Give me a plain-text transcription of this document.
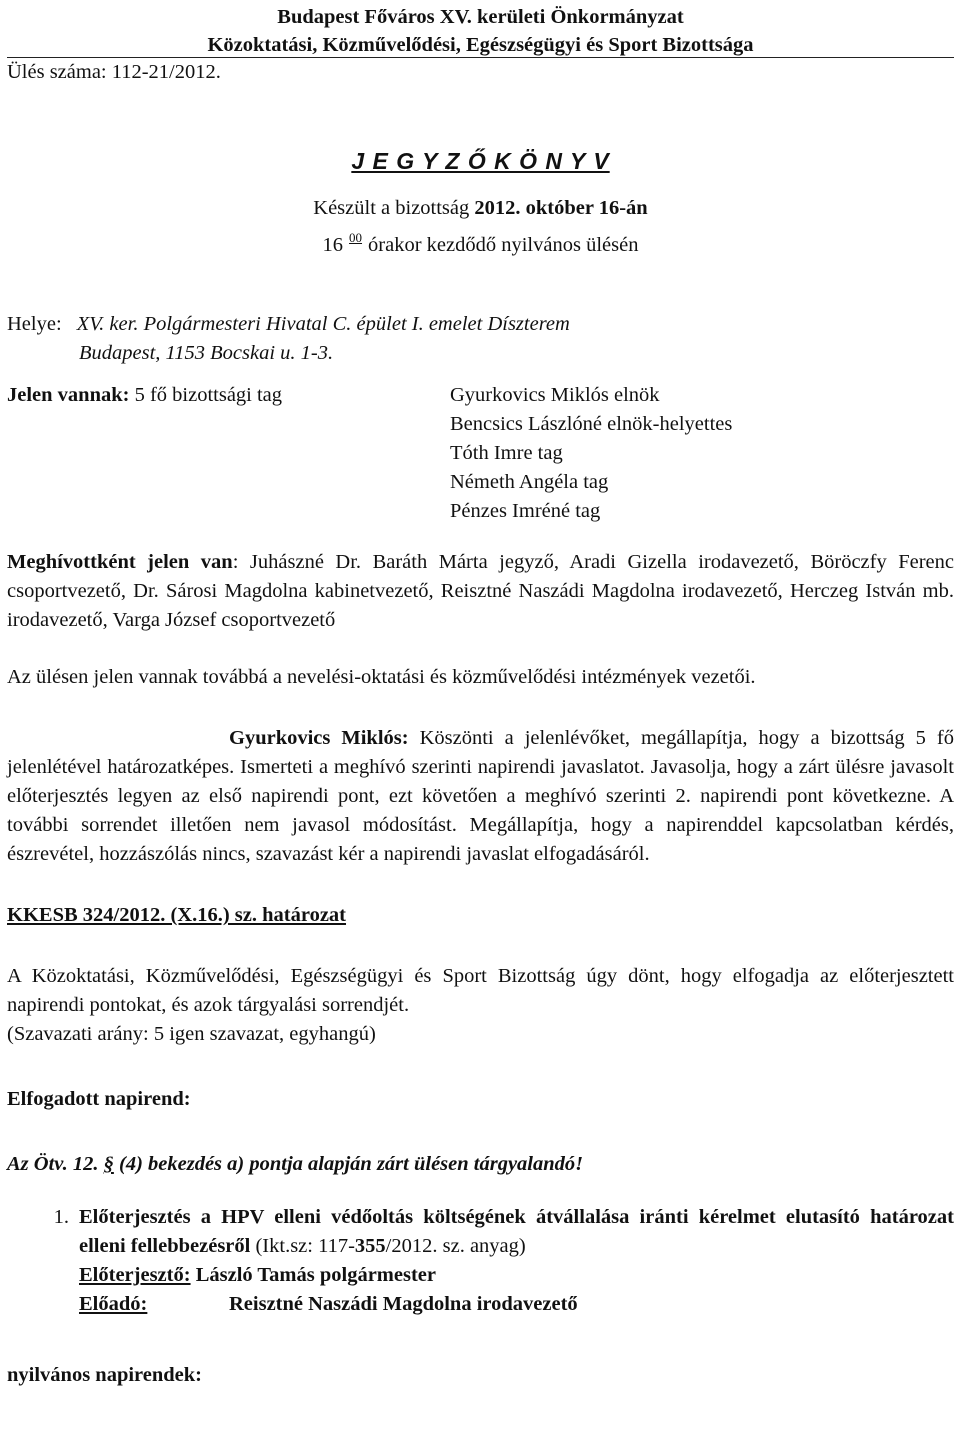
Budapest Főváros XV. kerületi Önkormányzat
Közoktatási, Közművelődési, Egészségügyi és Sport Bizottsága
Ülés száma: 112-21/2012.
J E G Y Z Ő K Ö N Y V
Készült a bizottság 2012. október 16-án
16 $^{00}$ órakor kezdődő nyilvános ülésén
Helye: XV. ker. Polgármesteri Hivatal C. épület I. emelet Díszterem
Budapest, 1153 Bocskai u. 1-3.
Jelen vannak: 5 fő bizottsági tag	Gyurkovics Miklós elnök
Bencsics Lászlóné elnök-helyettes
Tóth Imre tag
Németh Angéla tag
Pénzes Imréné tag
Meghívottként jelen van: Juhászné Dr. Baráth Márta jegyző, Aradi Gizella irodavezető, Böröczfy Ferenc csoportvezető, Dr. Sárosi Magdolna kabinetvezető, Reisztné Naszádi Magdolna irodavezető, Herczeg István mb. irodavezető, Varga József csoportvezető
Az ülésen jelen vannak továbbá a nevelési-oktatási és közművelődési intézmények vezetői.
Gyurkovics Miklós: Köszönti a jelenlévőket, megállapítja, hogy a bizottság 5 fő jelenlétével határozatképes. Ismerteti a meghívó szerinti napirendi javaslatot. Javasolja, hogy a zárt ülésre javasolt előterjesztés legyen az első napirendi pont, ezt követően a meghívó szerinti 2. napirendi pont következne. A további sorrendet illetően nem javasol módosítást. Megállapítja, hogy a napirenddel kapcsolatban kérdés, észrevétel, hozzászólás nincs, szavazást kér a napirendi javaslat elfogadásáról.
KKESB 324/2012. (X.16.) sz. határozat
A Közoktatási, Közművelődési, Egészségügyi és Sport Bizottság úgy dönt, hogy elfogadja az előterjesztett napirendi pontokat, és azok tárgyalási sorrendjét.
(Szavazati arány: 5 igen szavazat, egyhangú)
Elfogadott napirend:
Az Ötv. 12. § (4) bekezdés a) pontja alapján zárt ülésen tárgyalandó!
1. Előterjesztés a HPV elleni védőoltás költségének átvállalása iránti kérelmet elutasító határozat elleni fellebbezésről (Ikt.sz: 117-355/2012. sz. anyag)
Előterjesztő: László Tamás polgármester
Előadó:	Reisztné Naszádi Magdolna irodavezető
nyilvános napirendek:
